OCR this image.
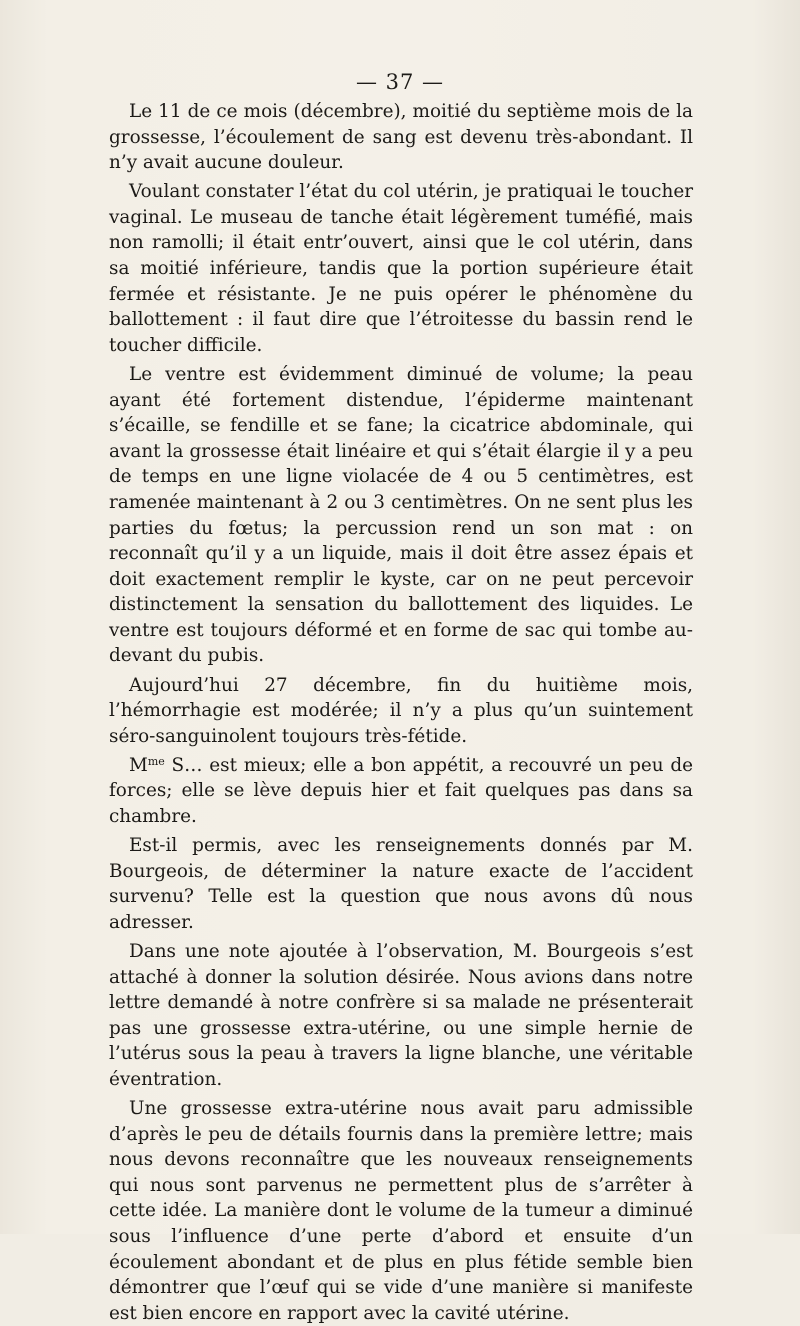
— 37 —

Le 11 de ce mois (décembre), moitié du septième mois de la grossesse, l’écoulement de sang est devenu très-abondant. Il n’y avait aucune douleur.

Voulant constater l’état du col utérin, je pratiquai le toucher vaginal. Le museau de tanche était légèrement tuméfié, mais non ramolli; il était entr’ouvert, ainsi que le col utérin, dans sa moitié inférieure, tandis que la portion supérieure était fermée et résistante. Je ne puis opérer le phénomène du ballottement : il faut dire que l’étroitesse du bassin rend le toucher difficile.

Le ventre est évidemment diminué de volume; la peau ayant été fortement distendue, l’épiderme maintenant s’écaille, se fendille et se fane; la cicatrice abdominale, qui avant la grossesse était linéaire et qui s’était élargie il y a peu de temps en une ligne violacée de 4 ou 5 centimètres, est ramenée maintenant à 2 ou 3 centimètres. On ne sent plus les parties du fœtus; la percussion rend un son mat : on reconnaît qu’il y a un liquide, mais il doit être assez épais et doit exactement remplir le kyste, car on ne peut percevoir distinctement la sensation du ballottement des liquides. Le ventre est toujours déformé et en forme de sac qui tombe au-devant du pubis.

Aujourd’hui 27 décembre, fin du huitième mois, l’hémorrhagie est modérée; il n’y a plus qu’un suintement séro-sanguinolent toujours très-fétide.

$M^{me}$ S… est mieux; elle a bon appétit, a recouvré un peu de forces; elle se lève depuis hier et fait quelques pas dans sa chambre.

Est-il permis, avec les renseignements donnés par M. Bourgeois, de déterminer la nature exacte de l’accident survenu? Telle est la question que nous avons dû nous adresser.

Dans une note ajoutée à l’observation, M. Bourgeois s’est attaché à donner la solution désirée. Nous avions dans notre lettre demandé à notre confrère si sa malade ne présenterait pas une grossesse extra-utérine, ou une simple hernie de l’utérus sous la peau à travers la ligne blanche, une véritable éventration.

Une grossesse extra-utérine nous avait paru admissible d’après le peu de détails fournis dans la première lettre; mais nous devons reconnaître que les nouveaux renseignements qui nous sont parvenus ne permettent plus de s’arrêter à cette idée. La manière dont le volume de la tumeur a diminué sous l’influence d’une perte d’abord et ensuite d’un écoulement abondant et de plus en plus fétide semble bien démontrer que l’œuf qui se vide d’une manière si manifeste est bien encore en rapport avec la cavité utérine.
